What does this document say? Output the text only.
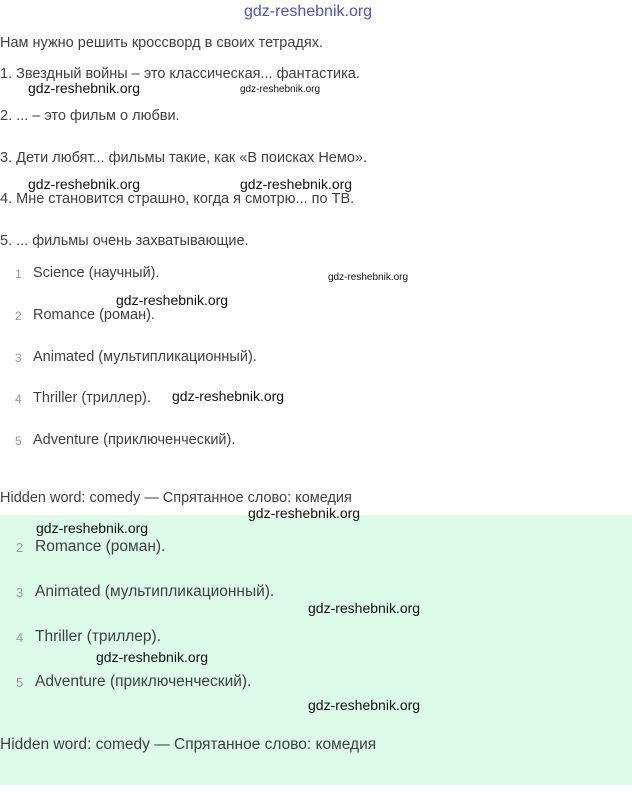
gdz-reshebnik.org
Нам нужно решить кроссворд в своих тетрадях.
1. Звездный войны – это классическая... фантастика.
2. ... – это фильм о любви.
3. Дети любят... фильмы такие, как «В поисках Немо».
4. Мне становится страшно, когда я смотрю... по ТВ.
5. ... фильмы очень захватывающие.
1 Science (научный).
2 Romance (роман).
3 Animated (мультипликационный).
4 Thriller (триллер).
5 Adventure (приключенческий).
Hidden word: comedy — Спрятанное слово: комедия
2 Romance (роман).
3 Animated (мультипликационный).
4 Thriller (триллер).
5 Adventure (приключенческий).
Hidden word: comedy — Спрятанное слово: комедия
gdz-reshebnik.org	gdz-reshebnik.org
gdz-reshebnik.org	gdz-reshebnik.org
gdz-reshebnik.org
gdz-reshebnik.org
gdz-reshebnik.org
gdz-reshebnik.org
gdz-reshebnik.org
gdz-reshebnik.org
gdz-reshebnik.org
gdz-reshebnik.org
